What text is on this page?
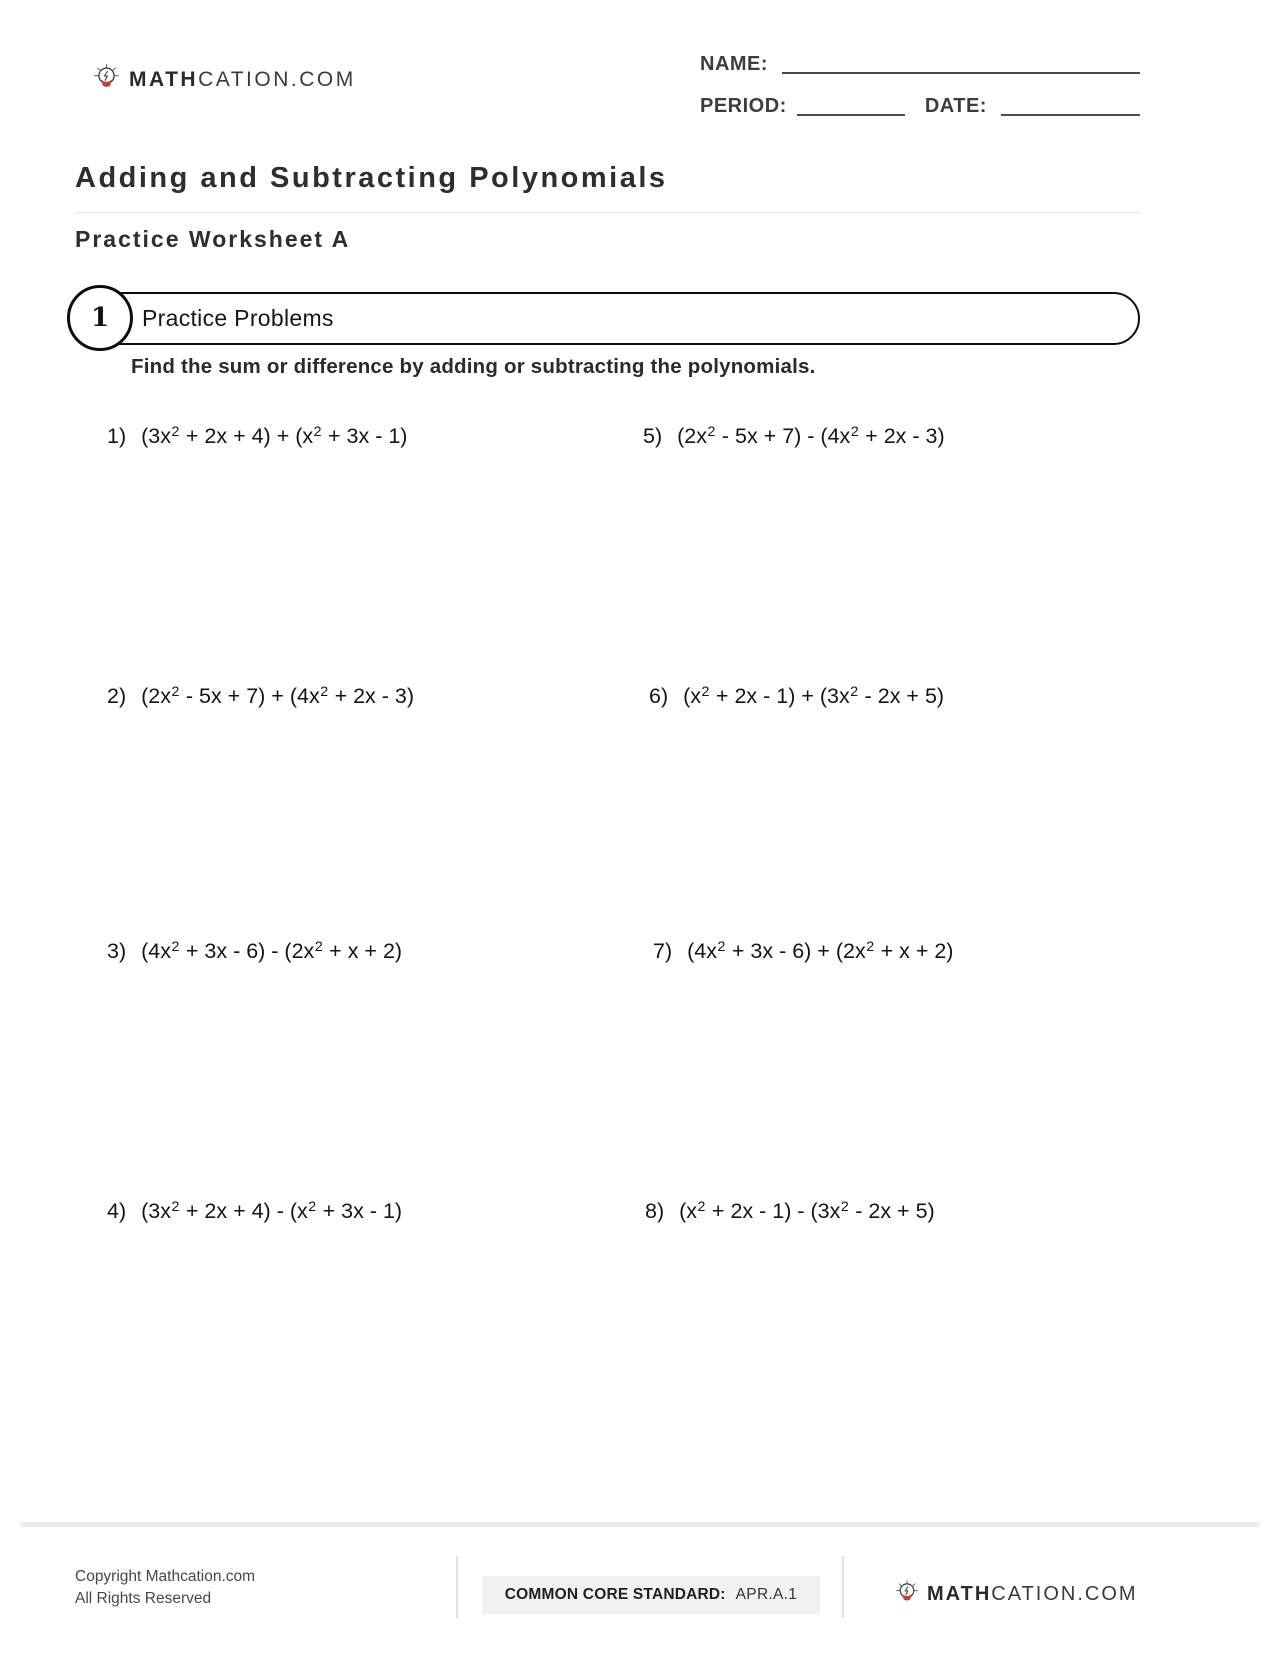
MATHCATION.COM
NAME:
PERIOD:	DATE:
Adding and Subtracting Polynomials
Practice Worksheet A
1	Practice Problems

Find the sum or difference by adding or subtracting the polynomials.

1) $(3x^2 + 2x + 4) + (x^2 + 3x - 1)$
2) $(2x^2 - 5x + 7) + (4x^2 + 2x - 3)$
3) $(4x^2 + 3x - 6) - (2x^2 + x + 2)$
4) $(3x^2 + 2x + 4) - (x^2 + 3x - 1)$
5) $(2x^2 - 5x + 7) - (4x^2 + 2x - 3)$
6) $(x^2 + 2x - 1) + (3x^2 - 2x + 5)$
7) $(4x^2 + 3x - 6) + (2x^2 + x + 2)$
8) $(x^2 + 2x - 1) - (3x^2 - 2x + 5)$
Copyright Mathcation.com
All Rights Reserved	COMMON CORE STANDARD: APR.A.1	MATHCATION.COM
